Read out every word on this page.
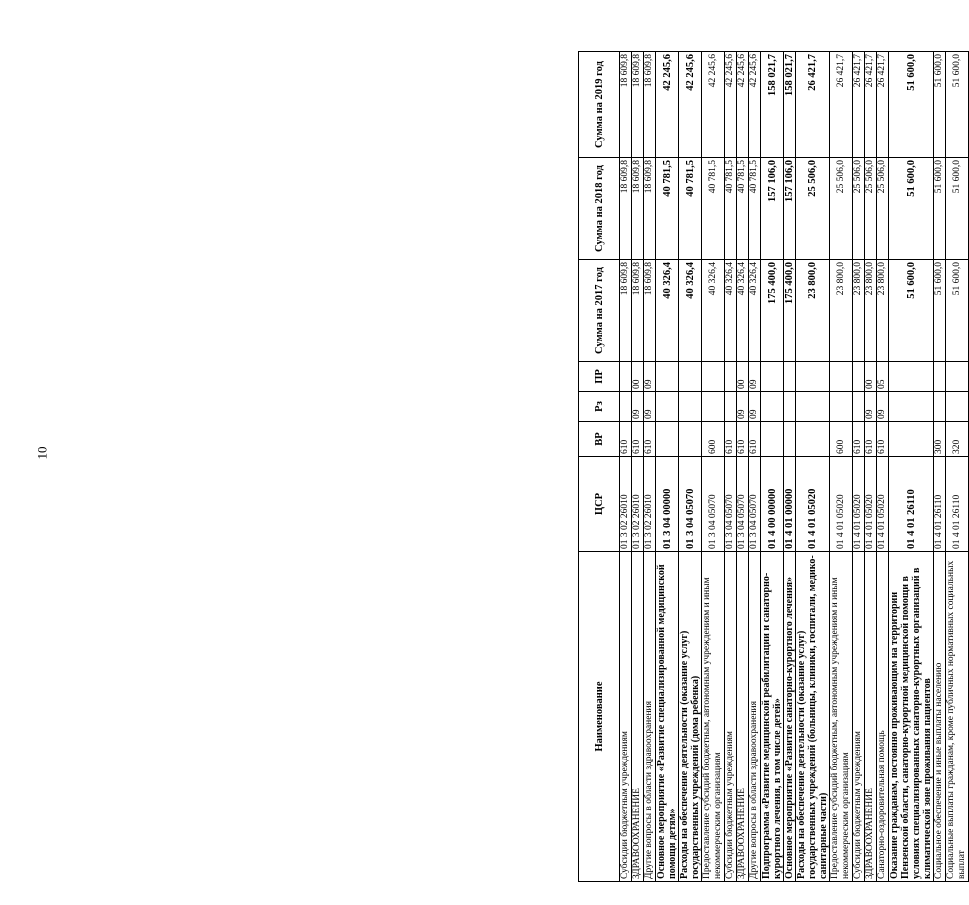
10
Наименование	ЦСР	ВР	Рз	ПР	Сумма на 2017 год	Сумма на 2018 год	Сумма на 2019 год
Субсидии бюджетным учреждениям	01 3 02 26010	610			18 609,8	18 609,8	18 609,8
ЗДРАВООХРАНЕНИЕ	01 3 02 26010	610	09	00	18 609,8	18 609,8	18 609,8
Другие вопросы в области здравоохранения	01 3 02 26010	610	09	09	18 609,8	18 609,8	18 609,8
Основное мероприятие «Развитие специализированной медицинской помощи детям»	01 3 04 00000				40 326,4	40 781,5	42 245,6
Расходы на обеспечение деятельности (оказание услуг) государственных учреждений (дома ребенка)	01 3 04 05070				40 326,4	40 781,5	42 245,6
Предоставление субсидий бюджетным, автономным учреждениям и иным некоммерческим организациям	01 3 04 05070	600			40 326,4	40 781,5	42 245,6
Субсидии бюджетным учреждениям	01 3 04 05070	610			40 326,4	40 781,5	42 245,6
ЗДРАВООХРАНЕНИЕ	01 3 04 05070	610	09	00	40 326,4	40 781,5	42 245,6
Другие вопросы в области здравоохранения	01 3 04 05070	610	09	09	40 326,4	40 781,5	42 245,6
Подпрограмма «Развитие медицинской реабилитации и санаторно-курортного лечения, в том числе детей»	01 4 00 00000				175 400,0	157 106,0	158 021,7
Основное мероприятие «Развитие санаторно-курортного лечения»	01 4 01 00000				175 400,0	157 106,0	158 021,7
Расходы на обеспечение деятельности (оказание услуг) государственных учреждений (больницы, клиники, госпитали, медико-санитарные части)	01 4 01 05020				23 800,0	25 506,0	26 421,7
Предоставление субсидий бюджетным, автономным учреждениям и иным некоммерческим организациям	01 4 01 05020	600			23 800,0	25 506,0	26 421,7
Субсидии бюджетным учреждениям	01 4 01 05020	610			23 800,0	25 506,0	26 421,7
ЗДРАВООХРАНЕНИЕ	01 4 01 05020	610	09	00	23 800,0	25 506,0	26 421,7
Санаторно-оздоровительная помощь	01 4 01 05020	610	09	05	23 800,0	25 506,0	26 421,7
Оказание гражданам, постоянно проживающим на территории Пензенской области, санаторно-курортной медицинской помощи в условиях специализированных санаторно-курортных организаций в климатической зоне проживания пациентов	01 4 01 26110				51 600,0	51 600,0	51 600,0
Социальное обеспечение и иные выплаты населению	01 4 01 26110	300			51 600,0	51 600,0	51 600,0
Социальные выплаты гражданам, кроме публичных нормативных социальных выплат	01 4 01 26110	320			51 600,0	51 600,0	51 600,0
